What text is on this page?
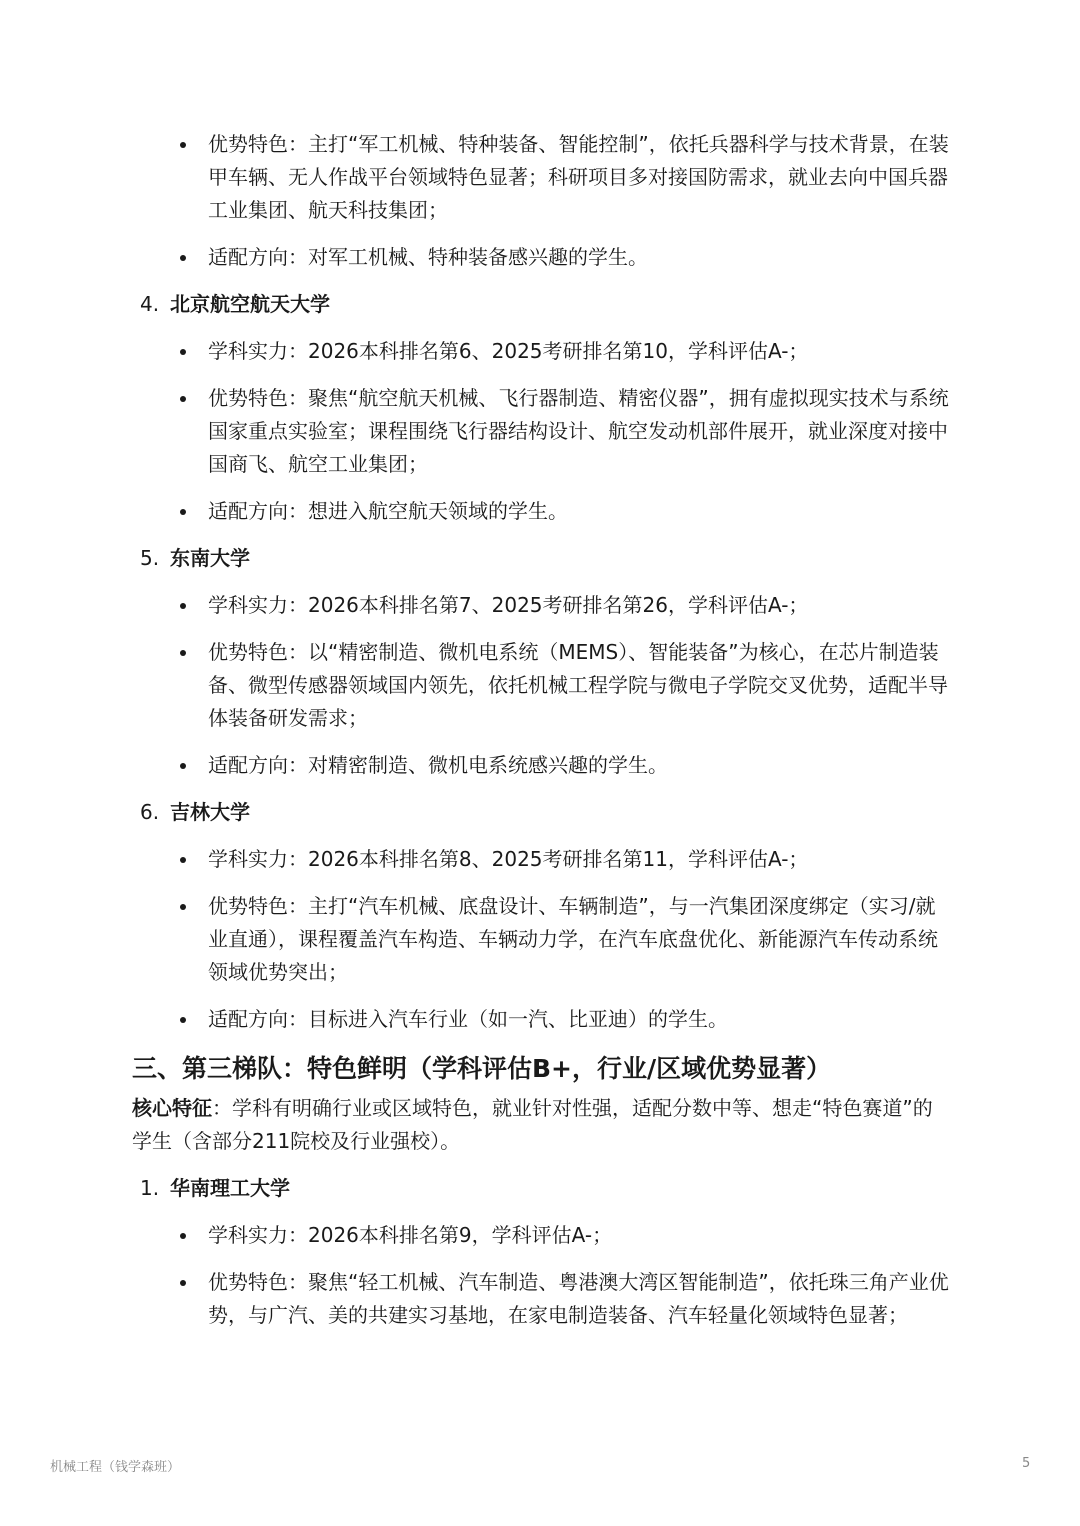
优势特色：主打“军工机械、特种装备、智能控制”，依托兵器科学与技术背景，在装甲车辆、无人作战平台领域特色显著；科研项目多对接国防需求，就业去向中国兵器工业集团、航天科技集团；
适配方向：对军工机械、特种装备感兴趣的学生。
4. 北京航空航天大学
学科实力：2026本科排名第6、2025考研排名第10，学科评估A-；
优势特色：聚焦“航空航天机械、飞行器制造、精密仪器”，拥有虚拟现实技术与系统国家重点实验室；课程围绕飞行器结构设计、航空发动机部件展开，就业深度对接中国商飞、航空工业集团；
适配方向：想进入航空航天领域的学生。
5. 东南大学
学科实力：2026本科排名第7、2025考研排名第26，学科评估A-；
优势特色：以“精密制造、微机电系统（MEMS）、智能装备”为核心，在芯片制造装备、微型传感器领域国内领先，依托机械工程学院与微电子学院交叉优势，适配半导体装备研发需求；
适配方向：对精密制造、微机电系统感兴趣的学生。
6. 吉林大学
学科实力：2026本科排名第8、2025考研排名第11，学科评估A-；
优势特色：主打“汽车机械、底盘设计、车辆制造”，与一汽集团深度绑定（实习/就业直通），课程覆盖汽车构造、车辆动力学，在汽车底盘优化、新能源汽车传动系统领域优势突出；
适配方向：目标进入汽车行业（如一汽、比亚迪）的学生。
三、第三梯队：特色鲜明（学科评估B+，行业/区域优势显著）

核心特征：学科有明确行业或区域特色，就业针对性强，适配分数中等、想走“特色赛道”的学生（含部分211院校及行业强校）。

1. 华南理工大学
学科实力：2026本科排名第9，学科评估A-；
优势特色：聚焦“轻工机械、汽车制造、粤港澳大湾区智能制造”，依托珠三角产业优势，与广汽、美的共建实习基地，在家电制造装备、汽车轻量化领域特色显著；
机械工程（钱学森班）	5
